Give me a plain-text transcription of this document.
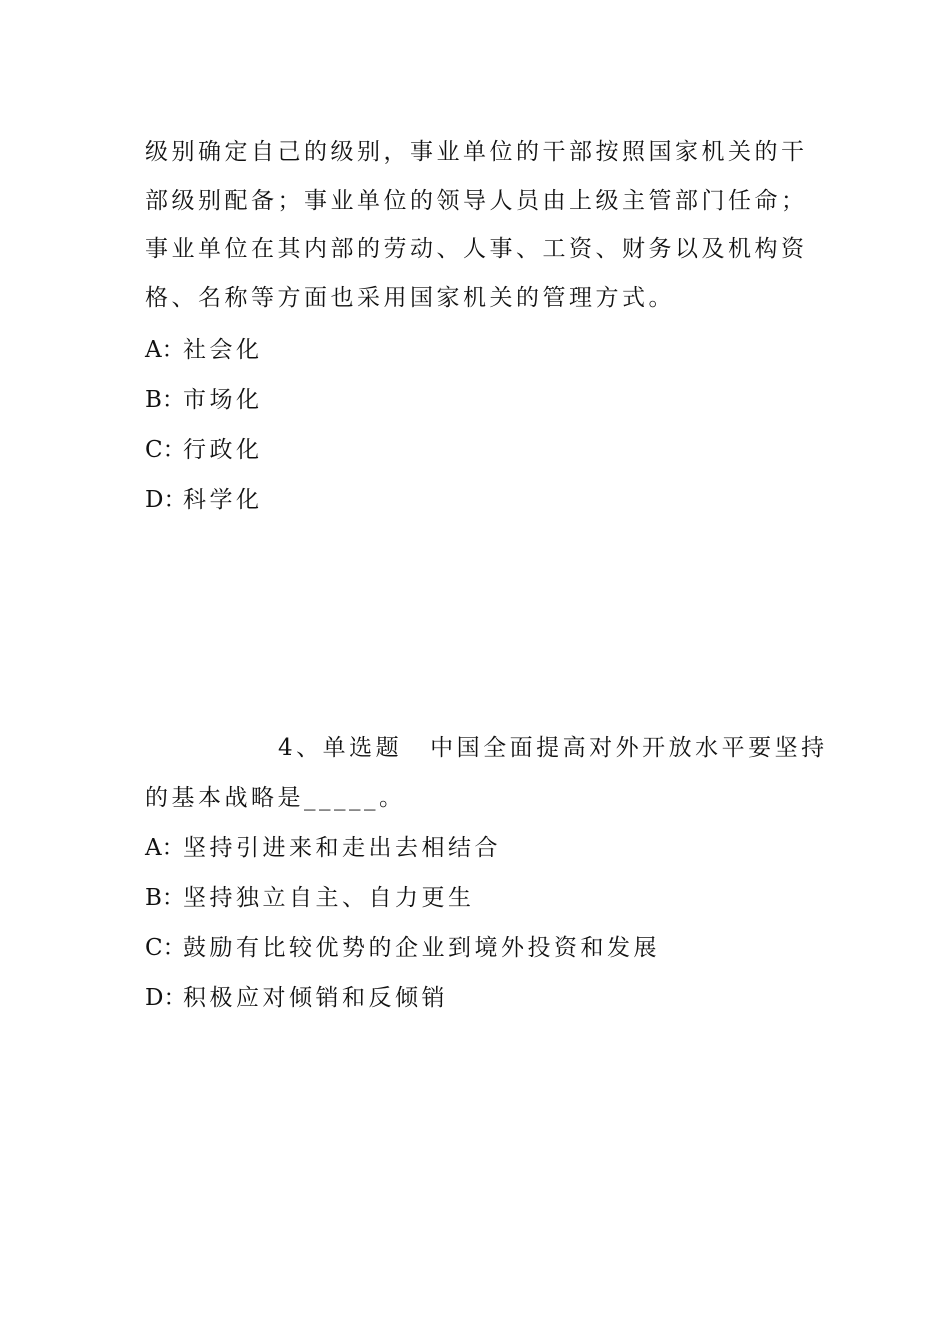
级别确定自己的级别，事业单位的干部按照国家机关的干
部级别配备；事业单位的领导人员由上级主管部门任命；
事业单位在其内部的劳动、人事、工资、财务以及机构资
格、名称等方面也采用国家机关的管理方式。
A：社会化
B：市场化
C：行政化
D：科学化
4、单选题 中国全面提高对外开放水平要坚持
的基本战略是_____。
A：坚持引进来和走出去相结合
B：坚持独立自主、自力更生
C：鼓励有比较优势的企业到境外投资和发展
D：积极应对倾销和反倾销
